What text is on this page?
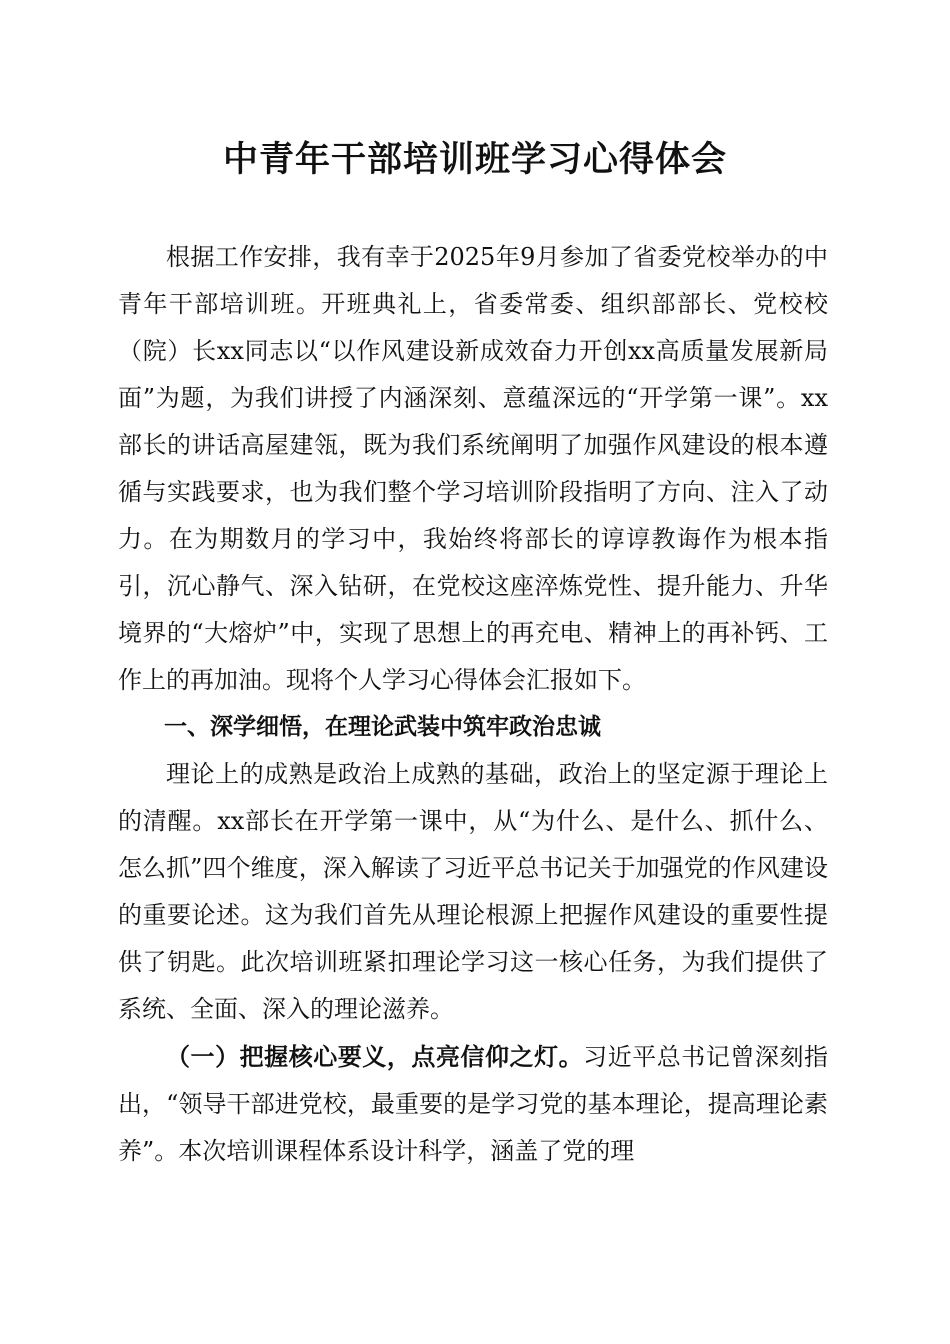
中青年干部培训班学习心得体会

根据工作安排，我有幸于2025年9月参加了省委党校举办的中青年干部培训班。开班典礼上，省委常委、组织部部长、党校校（院）长xx同志以“以作风建设新成效奋力开创xx高质量发展新局面”为题，为我们讲授了内涵深刻、意蕴深远的“开学第一课”。xx部长的讲话高屋建瓴，既为我们系统阐明了加强作风建设的根本遵循与实践要求，也为我们整个学习培训阶段指明了方向、注入了动力。在为期数月的学习中，我始终将部长的谆谆教诲作为根本指引，沉心静气、深入钻研，在党校这座淬炼党性、提升能力、升华境界的“大熔炉”中，实现了思想上的再充电、精神上的再补钙、工作上的再加油。现将个人学习心得体会汇报如下。

一、深学细悟，在理论武装中筑牢政治忠诚

理论上的成熟是政治上成熟的基础，政治上的坚定源于理论上的清醒。xx部长在开学第一课中，从“为什么、是什么、抓什么、怎么抓”四个维度，深入解读了习近平总书记关于加强党的作风建设的重要论述。这为我们首先从理论根源上把握作风建设的重要性提供了钥匙。此次培训班紧扣理论学习这一核心任务，为我们提供了系统、全面、深入的理论滋养。

（一）把握核心要义，点亮信仰之灯。习近平总书记曾深刻指出，“领导干部进党校，最重要的是学习党的基本理论，提高理论素养”。本次培训课程体系设计科学，涵盖了党的理
